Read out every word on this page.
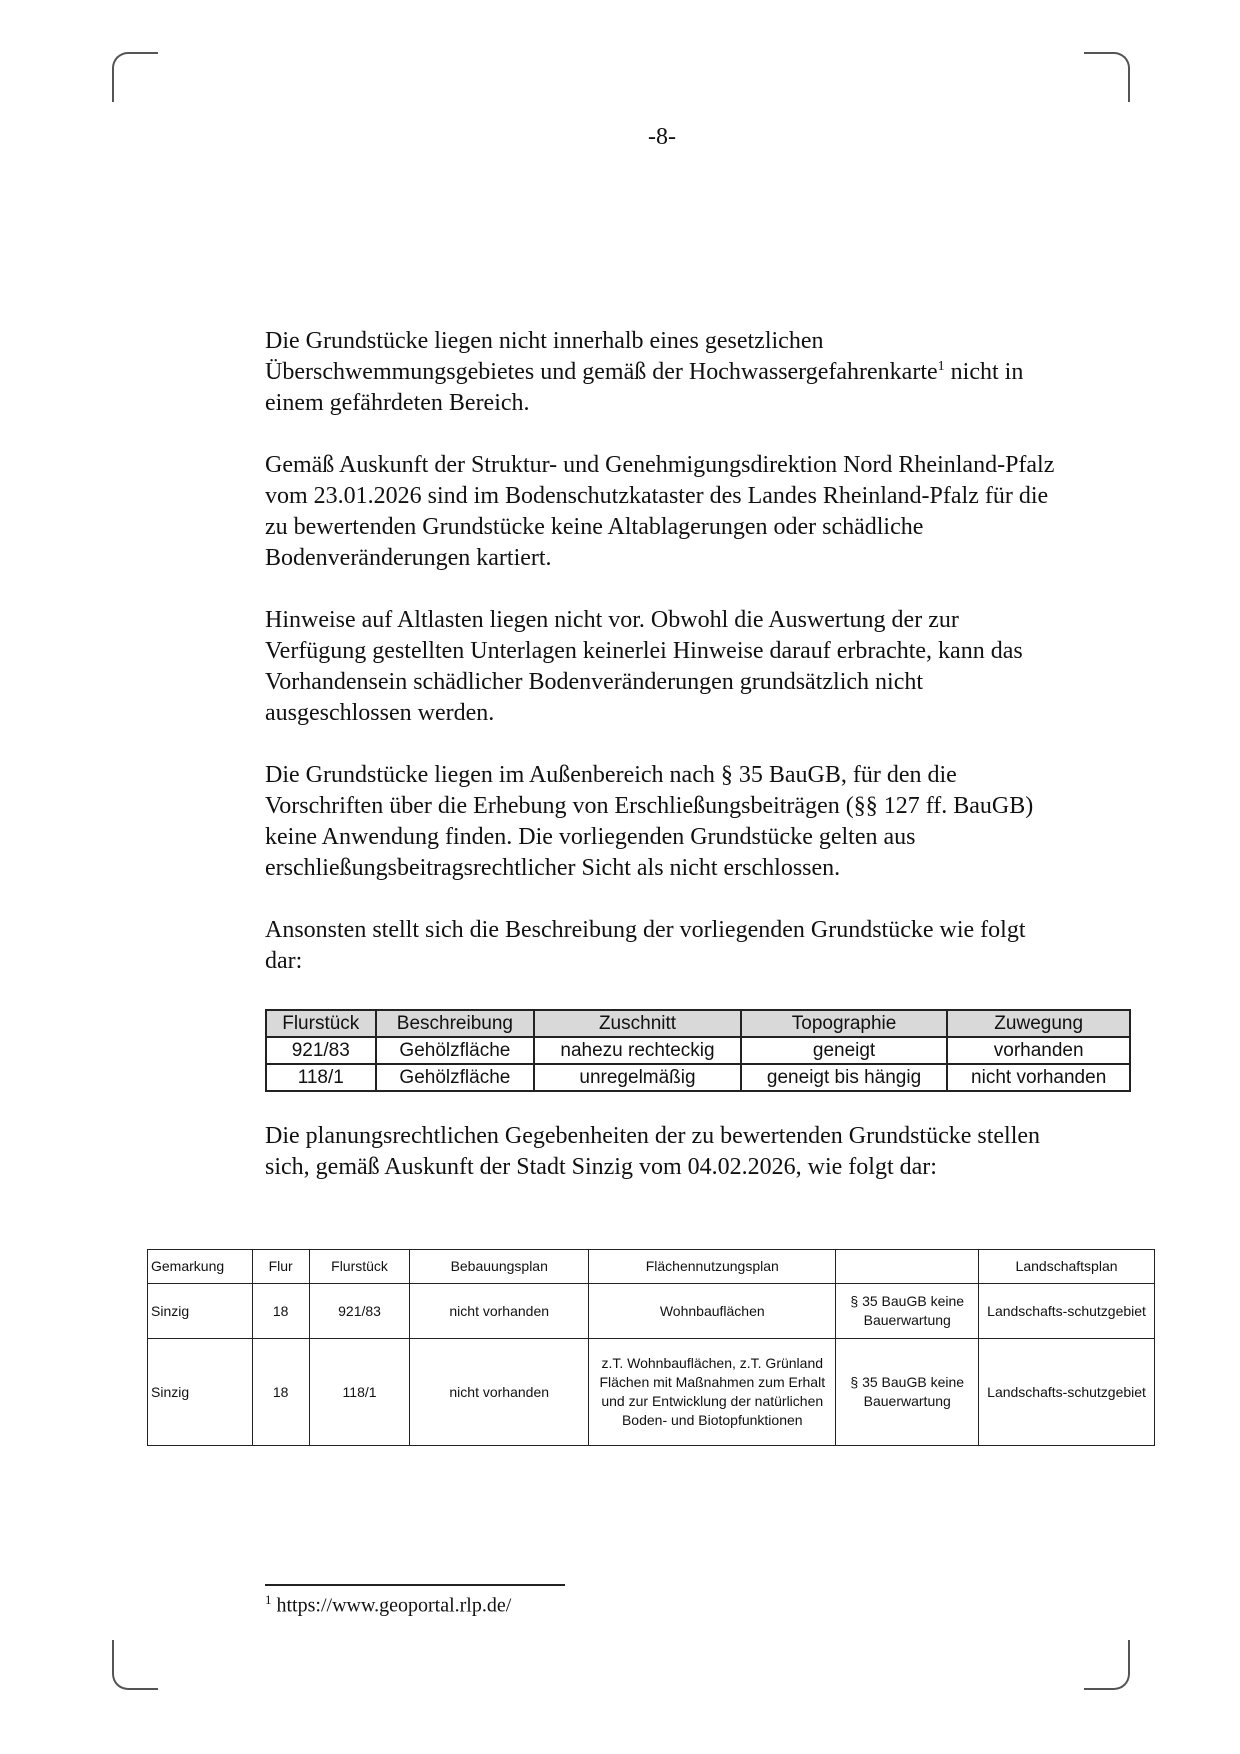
-8-

Die Grundstücke liegen nicht innerhalb eines gesetzlichen Überschwemmungsgebietes und gemäß der Hochwassergefahrenkarte$^1$ nicht in einem gefährdeten Bereich.

Gemäß Auskunft der Struktur- und Genehmigungsdirektion Nord Rheinland-Pfalz vom 23.01.2026 sind im Bodenschutzkataster des Landes Rheinland-Pfalz für die zu bewertenden Grundstücke keine Altablagerungen oder schädliche Bodenveränderungen kartiert.

Hinweise auf Altlasten liegen nicht vor. Obwohl die Auswertung der zur Verfügung gestellten Unterlagen keinerlei Hinweise darauf erbrachte, kann das Vorhandensein schädlicher Bodenveränderungen grundsätzlich nicht ausgeschlossen werden.

Die Grundstücke liegen im Außenbereich nach § 35 BauGB, für den die Vorschriften über die Erhebung von Erschließungsbeiträgen (§§ 127 ff. BauGB) keine Anwendung finden. Die vorliegenden Grundstücke gelten aus erschließungsbeitragsrechtlicher Sicht als nicht erschlossen.

Ansonsten stellt sich die Beschreibung der vorliegenden Grundstücke wie folgt dar:

Flurstück	Beschreibung	Zuschnitt	Topographie	Zuwegung
921/83	Gehölzfläche	nahezu rechteckig	geneigt	vorhanden
118/1	Gehölzfläche	unregelmäßig	geneigt bis hängig	nicht vorhanden

Die planungsrechtlichen Gegebenheiten der zu bewertenden Grundstücke stellen sich, gemäß Auskunft der Stadt Sinzig vom 04.02.2026, wie folgt dar:

Gemarkung	Flur	Flurstück	Bebauungsplan	Flächennutzungsplan		Landschaftsplan
Sinzig	18	921/83	nicht vorhanden	Wohnbauflächen	§ 35 BauGB keine Bauerwartung	Landschafts-schutzgebiet
Sinzig	18	118/1	nicht vorhanden	z.T. Wohnbauflächen, z.T. Grünland Flächen mit Maßnahmen zum Erhalt und zur Entwicklung der natürlichen Boden- und Biotopfunktionen	§ 35 BauGB keine Bauerwartung	Landschafts-schutzgebiet
$^1$ https://www.geoportal.rlp.de/
